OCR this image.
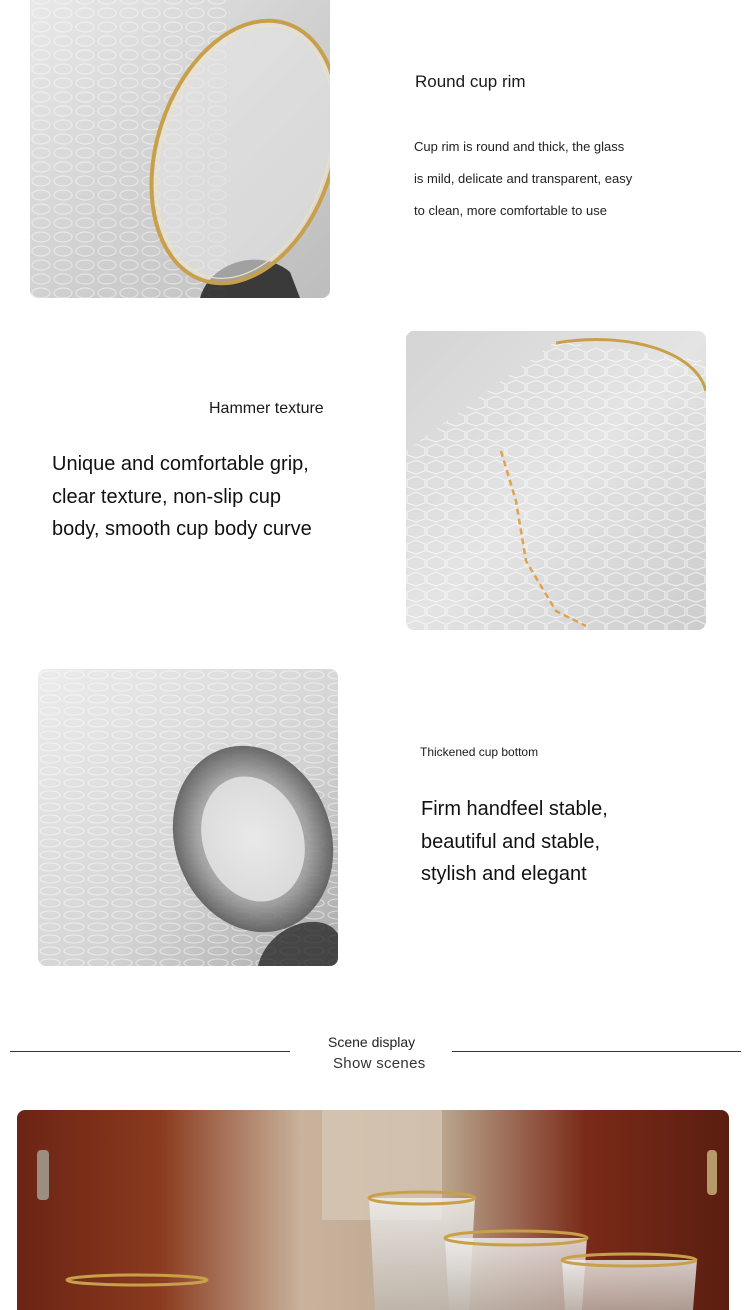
Round cup rim
Cup rim is round and thick, the glass
is mild, delicate and transparent, easy
to clean, more comfortable to use
Hammer texture
Unique and comfortable grip,
clear texture, non-slip cup
body, smooth cup body curve
Thickened cup bottom
Firm handfeel stable,
beautiful and stable,
stylish and elegant
Scene display
Show scenes
